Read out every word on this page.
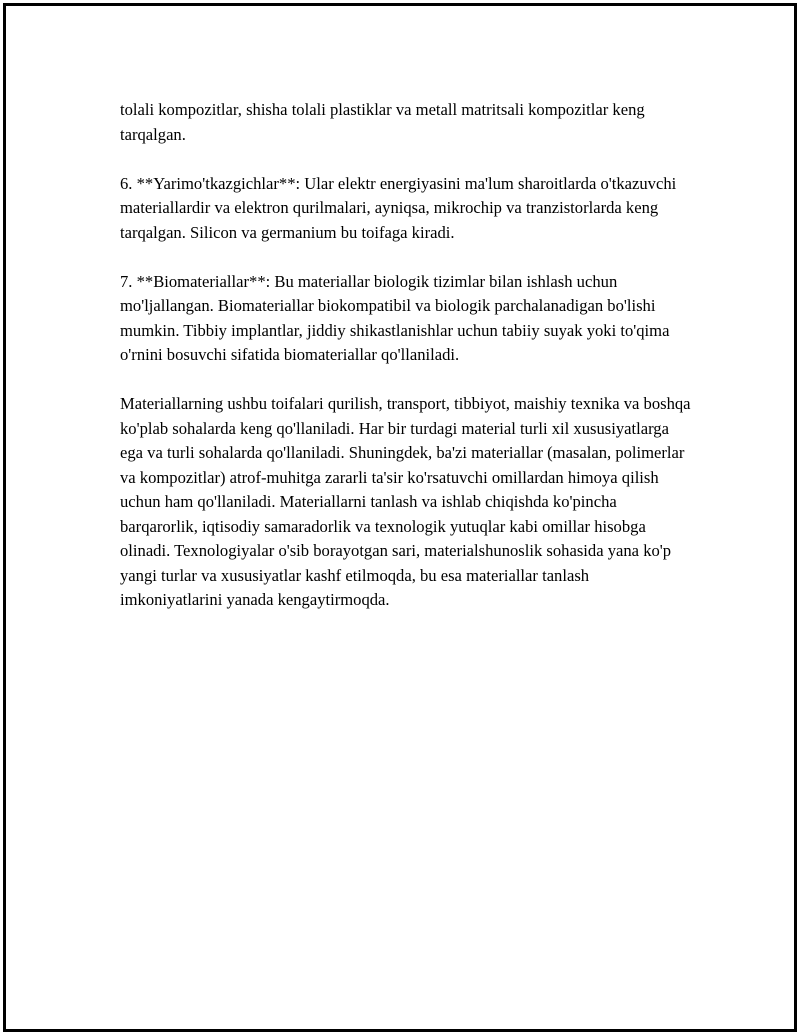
tolali kompozitlar, shisha tolali plastiklar va metall matritsali kompozitlar keng tarqalgan.

6. **Yarimo'tkazgichlar**: Ular elektr energiyasini ma'lum sharoitlarda o'tkazuvchi materiallardir va elektron qurilmalari, ayniqsa, mikrochip va tranzistorlarda keng tarqalgan. Silicon va germanium bu toifaga kiradi.

7. **Biomateriallar**: Bu materiallar biologik tizimlar bilan ishlash uchun mo'ljallangan. Biomateriallar biokompatibil va biologik parchalanadigan bo'lishi mumkin. Tibbiy implantlar, jiddiy shikastlanishlar uchun tabiiy suyak yoki to'qima o'rnini bosuvchi sifatida biomateriallar qo'llaniladi.

Materiallarning ushbu toifalari qurilish, transport, tibbiyot, maishiy texnika va boshqa ko'plab sohalarda keng qo'llaniladi. Har bir turdagi material turli xil xususiyatlarga ega va turli sohalarda qo'llaniladi. Shuningdek, ba'zi materiallar (masalan, polimerlar va kompozitlar) atrof-muhitga zararli ta'sir ko'rsatuvchi omillardan himoya qilish uchun ham qo'llaniladi. Materiallarni tanlash va ishlab chiqishda ko'pincha barqarorlik, iqtisodiy samaradorlik va texnologik yutuqlar kabi omillar hisobga olinadi. Texnologiyalar o'sib borayotgan sari, materialshunoslik sohasida yana ko'p yangi turlar va xususiyatlar kashf etilmoqda, bu esa materiallar tanlash imkoniyatlarini yanada kengaytirmoqda.
